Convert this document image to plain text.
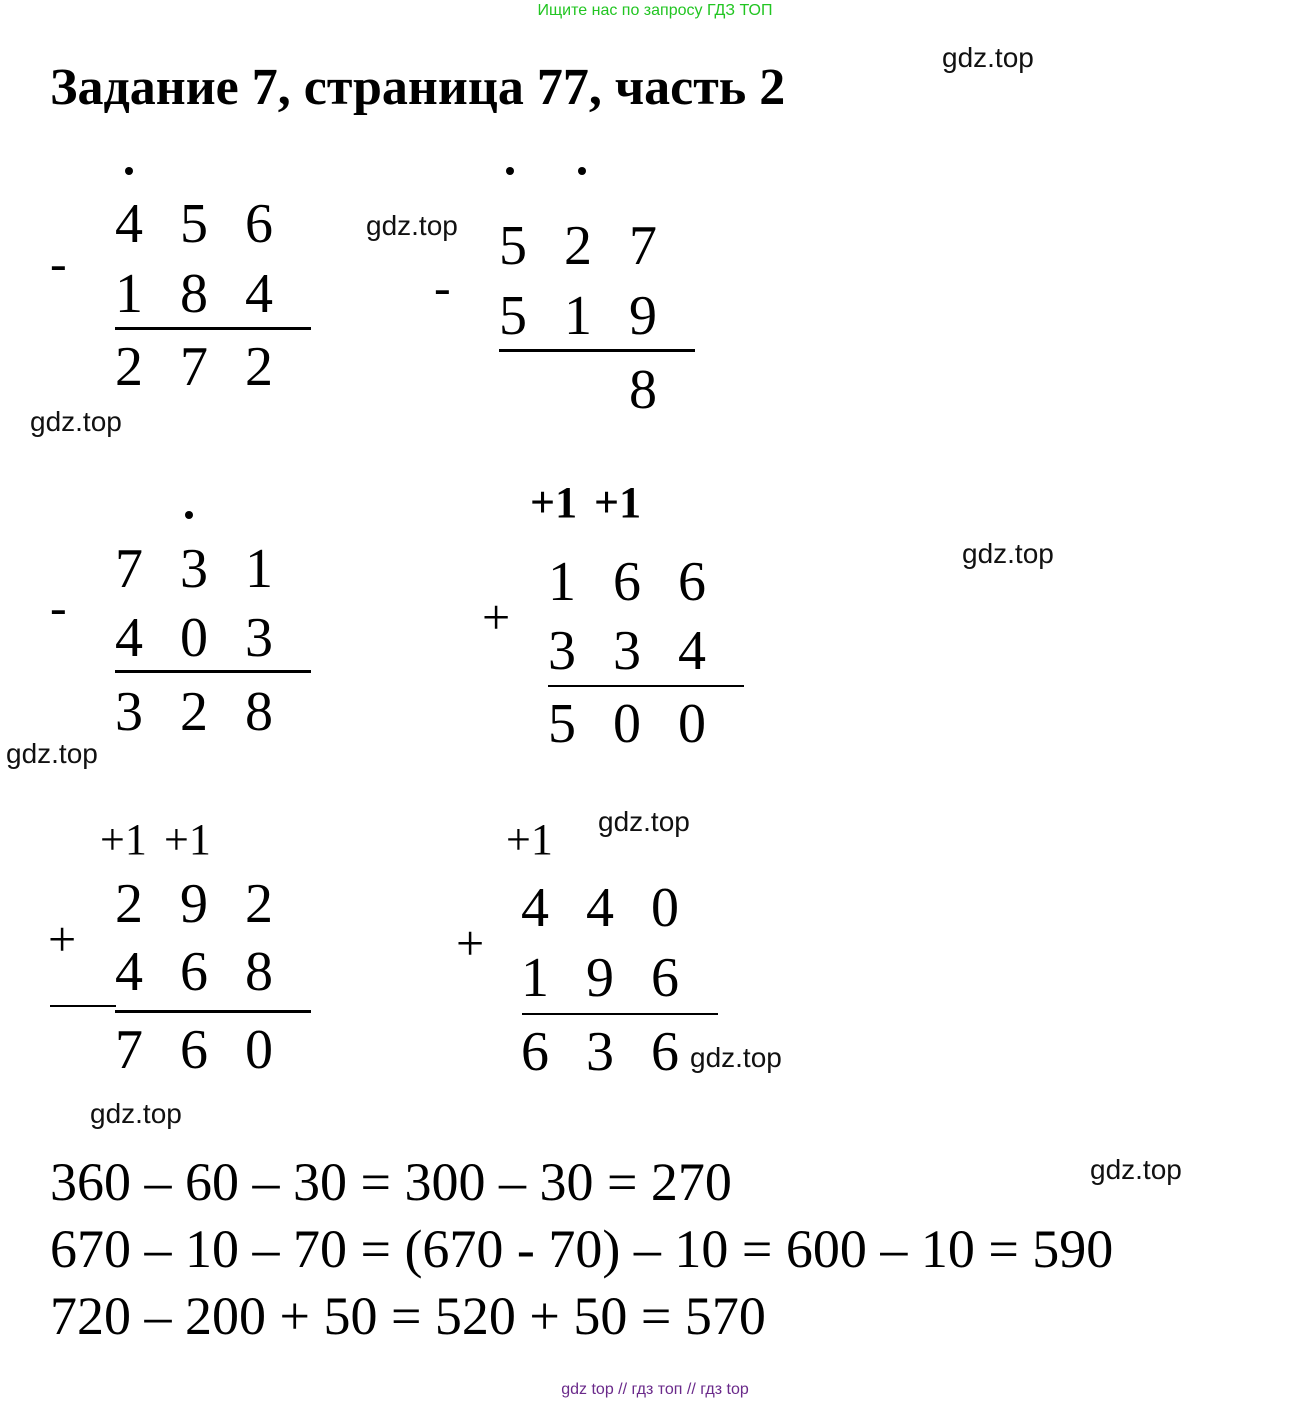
Ищите нас по запросу ГДЗ ТОП
Задание 7, страница 77, часть 2
gdz.top
gdz.top
gdz.top
gdz.top
gdz.top
gdz.top
gdz.top
gdz.top
gdz.top
-
4 5 6
1 8 4
2 7 2
-
5 2 7
5 1 9
8
-
7 3 1
4 0 3
3 2 8
+1 +1
+
1 6 6
3 3 4
5 0 0
+1 +1
+
2 9 2
4 6 8
7 6 0
+1
+
4 4 0
1 9 6
6 3 6
360 – 60 – 30 = 300 – 30 = 270
670 – 10 – 70 = (670 - 70) – 10 = 600 – 10 = 590
720 – 200 + 50 = 520 + 50 = 570
gdz top // гдз топ // гдз top
